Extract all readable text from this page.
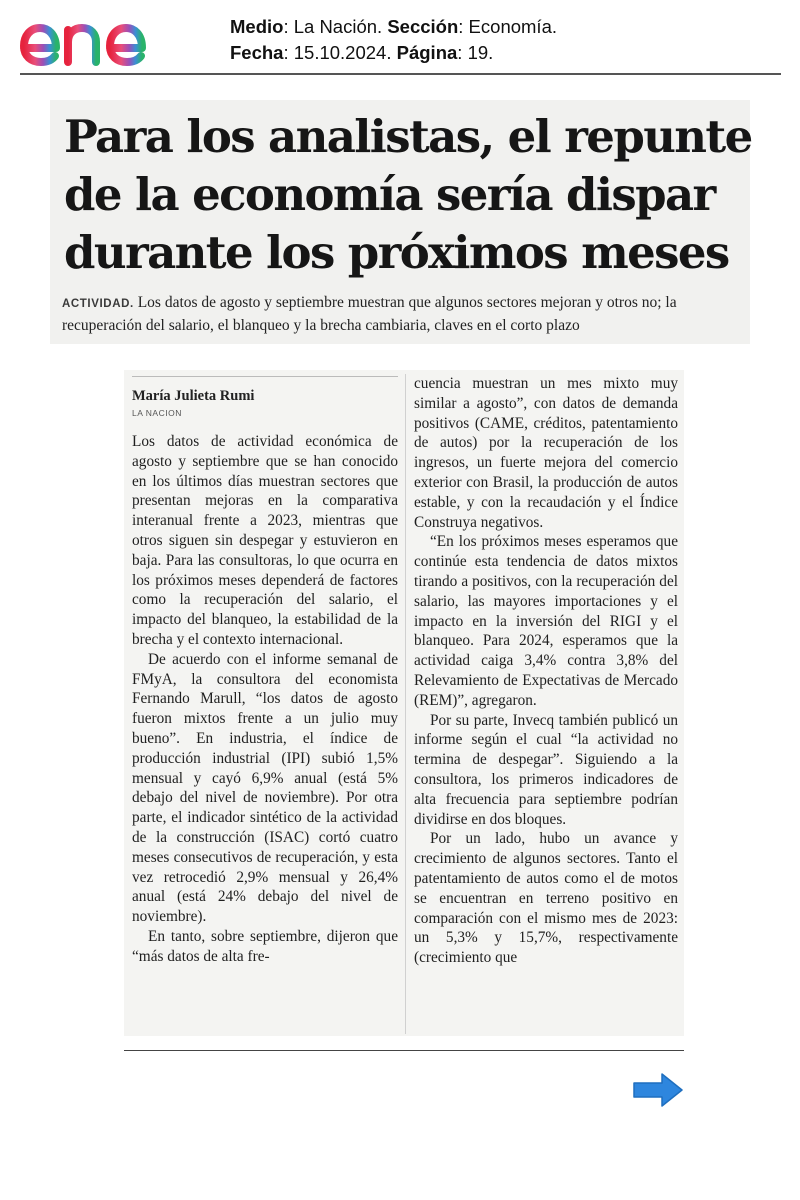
Medio: La Nación. Sección: Economía.
Fecha: 15.10.2024. Página: 19.
Para los analistas, el repunte de la economía sería dispar durante los próximos meses

ACTIVIDAD. Los datos de agosto y septiembre muestran que algunos sectores mejoran y otros no; la recuperación del salario, el blanqueo y la brecha cambiaria, claves en el corto plazo

María Julieta Rumi
LA NACION

Los datos de actividad económica de agosto y septiembre que se han conocido en los últimos días muestran sectores que presentan mejoras en la comparativa interanual frente a 2023, mientras que otros siguen sin despegar y estuvieron en baja. Para las consultoras, lo que ocurra en los próximos meses dependerá de factores como la recuperación del salario, el impacto del blanqueo, la estabilidad de la brecha y el contexto internacional.

De acuerdo con el informe semanal de FMyA, la consultora del economista Fernando Marull, “los datos de agosto fueron mixtos frente a un julio muy bueno”. En industria, el índice de producción industrial (IPI) subió 1,5% mensual y cayó 6,9% anual (está 5% debajo del nivel de noviembre). Por otra parte, el indicador sintético de la actividad de la construcción (ISAC) cortó cuatro meses consecutivos de recuperación, y esta vez retrocedió 2,9% mensual y 26,4% anual (está 24% debajo del nivel de noviembre).

En tanto, sobre septiembre, dijeron que “más datos de alta fre-

cuencia muestran un mes mixto muy similar a agosto”, con datos de demanda positivos (CAME, créditos, patentamiento de autos) por la recuperación de los ingresos, un fuerte mejora del comercio exterior con Brasil, la producción de autos estable, y con la recaudación y el Índice Construya negativos.

“En los próximos meses esperamos que continúe esta tendencia de datos mixtos tirando a positivos, con la recuperación del salario, las mayores importaciones y el impacto en la inversión del RIGI y el blanqueo. Para 2024, esperamos que la actividad caiga 3,4% contra 3,8% del Relevamiento de Expectativas de Mercado (REM)”, agregaron.

Por su parte, Invecq también publicó un informe según el cual “la actividad no termina de despegar”. Siguiendo a la consultora, los primeros indicadores de alta frecuencia para septiembre podrían dividirse en dos bloques.

Por un lado, hubo un avance y crecimiento de algunos sectores. Tanto el patentamiento de autos como el de motos se encuentran en terreno positivo en comparación con el mismo mes de 2023: un 5,3% y 15,7%, respectivamente (crecimiento que
